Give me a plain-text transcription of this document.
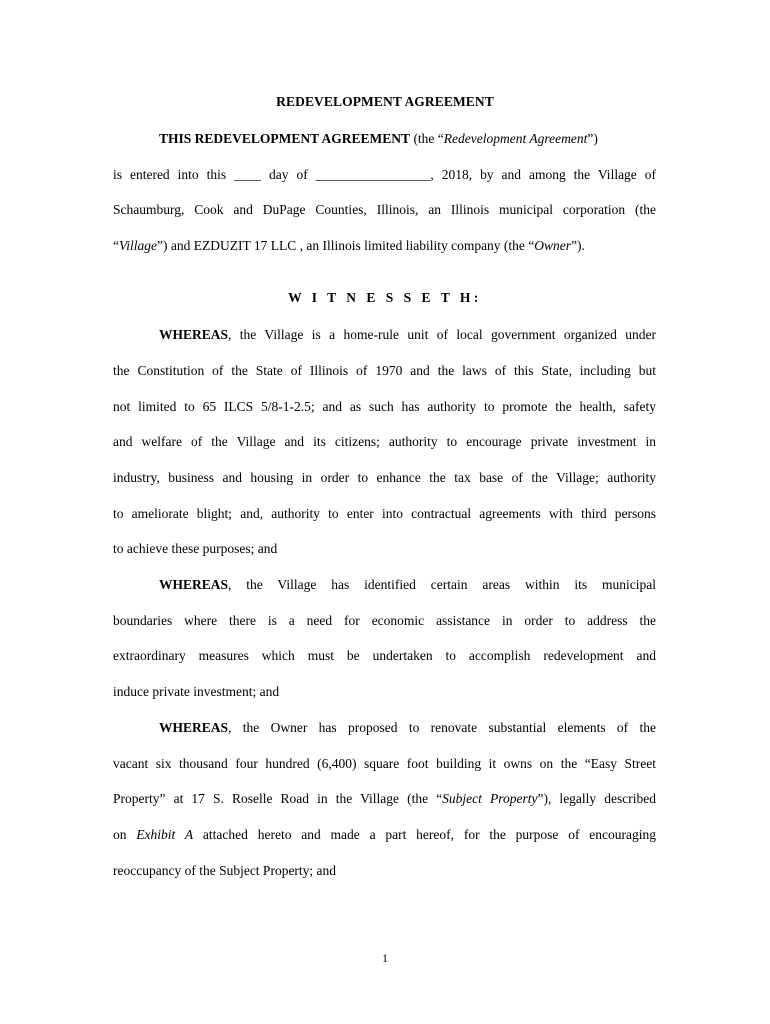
REDEVELOPMENT AGREEMENT
THIS REDEVELOPMENT AGREEMENT (the “Redevelopment Agreement”)
is entered into this ____ day of _________________, 2018, by and among the Village of
Schaumburg, Cook and DuPage Counties, Illinois, an Illinois municipal corporation (the
“Village”) and EZDUZIT 17 LLC , an Illinois limited liability company (the “Owner”).
W I T N E S S E T H:
WHEREAS, the Village is a home-rule unit of local government organized under
the Constitution of the State of Illinois of 1970 and the laws of this State, including but
not limited to 65 ILCS 5/8-1-2.5; and as such has authority to promote the health, safety
and welfare of the Village and its citizens; authority to encourage private investment in
industry, business and housing in order to enhance the tax base of the Village; authority
to ameliorate blight; and, authority to enter into contractual agreements with third persons
to achieve these purposes; and
WHEREAS, the Village has identified certain areas within its municipal
boundaries where there is a need for economic assistance in order to address the
extraordinary measures which must be undertaken to accomplish redevelopment and
induce private investment; and
WHEREAS, the Owner has proposed to renovate substantial elements of the
vacant six thousand four hundred (6,400) square foot building it owns on the “Easy Street
Property” at 17 S. Roselle Road in the Village (the “Subject Property”), legally described
on Exhibit A attached hereto and made a part hereof, for the purpose of encouraging
reoccupancy of the Subject Property; and
1
